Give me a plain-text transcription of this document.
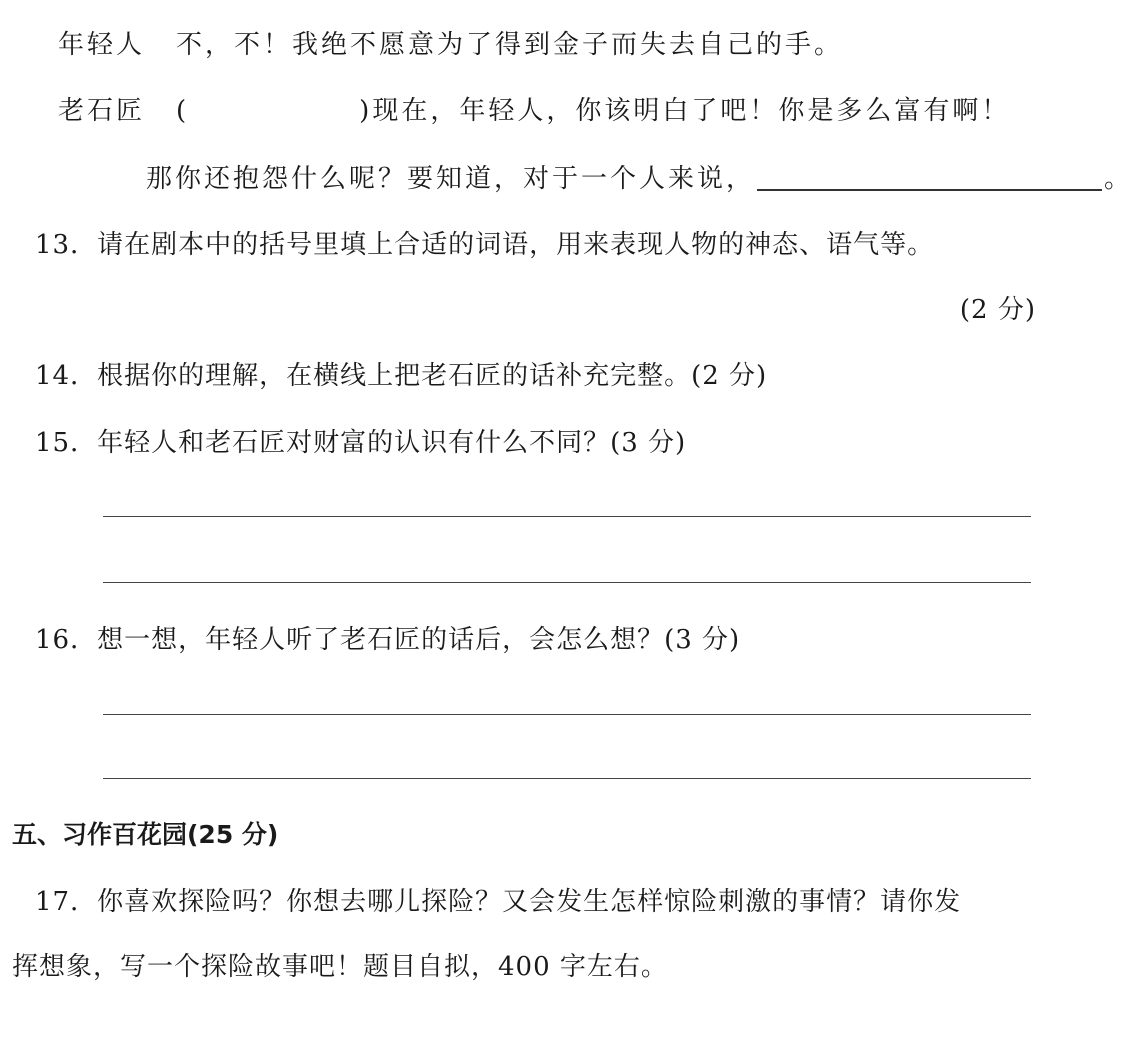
年轻人 不，不！我绝不愿意为了得到金子而失去自己的手。
老石匠 (	)现在，年轻人，你该明白了吧！你是多么富有啊！
那你还抱怨什么呢？要知道，对于一个人来说，	。
13．请在剧本中的括号里填上合适的词语，用来表现人物的神态、语气等。
(2 分)
14．根据你的理解，在横线上把老石匠的话补充完整。(2 分)
15．年轻人和老石匠对财富的认识有什么不同？(3 分)
16．想一想，年轻人听了老石匠的话后，会怎么想？(3 分)
五、习作百花园(25 分)
17．你喜欢探险吗？你想去哪儿探险？又会发生怎样惊险刺激的事情？请你发
挥想象，写一个探险故事吧！题目自拟，400 字左右。
